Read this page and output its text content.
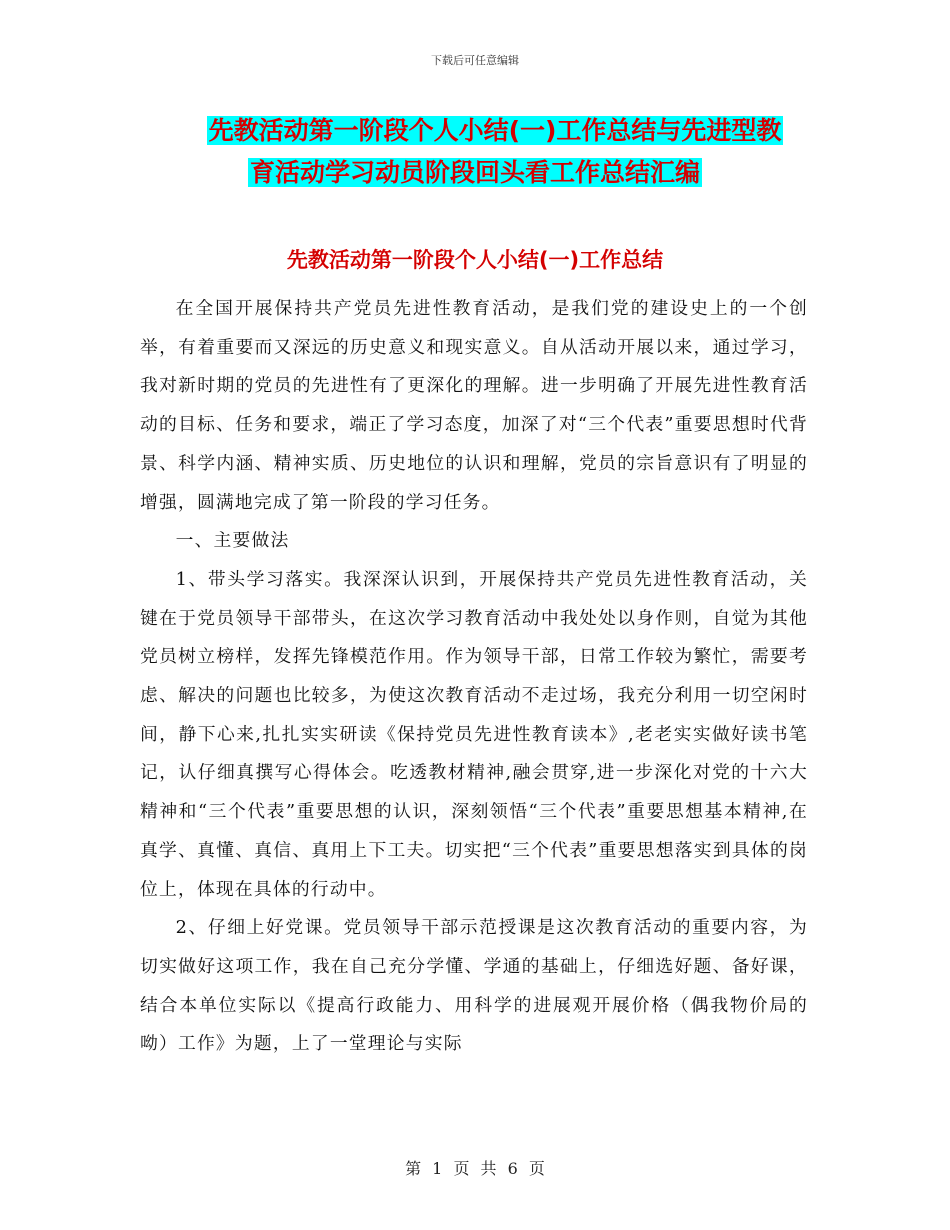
下载后可任意编辑
先教活动第一阶段个人小结(一)工作总结与先进型教
育活动学习动员阶段回头看工作总结汇编
先教活动第一阶段个人小结(一)工作总结

在全国开展保持共产党员先进性教育活动，是我们党的建设史上的一个创举，有着重要而又深远的历史意义和现实意义。自从活动开展以来，通过学习，我对新时期的党员的先进性有了更深化的理解。进一步明确了开展先进性教育活动的目标、任务和要求，端正了学习态度，加深了对“三个代表”重要思想时代背景、科学内涵、精神实质、历史地位的认识和理解，党员的宗旨意识有了明显的增强，圆满地完成了第一阶段的学习任务。

一、主要做法

1、带头学习落实。我深深认识到，开展保持共产党员先进性教育活动，关键在于党员领导干部带头，在这次学习教育活动中我处处以身作则，自觉为其他党员树立榜样，发挥先锋模范作用。作为领导干部，日常工作较为繁忙，需要考虑、解决的问题也比较多，为使这次教育活动不走过场，我充分利用一切空闲时间，静下心来,扎扎实实研读《保持党员先进性教育读本》,老老实实做好读书笔记，认仔细真撰写心得体会。吃透教材精神,融会贯穿,进一步深化对党的十六大精神和“三个代表”重要思想的认识，深刻领悟“三个代表”重要思想基本精神,在真学、真懂、真信、真用上下工夫。切实把“三个代表”重要思想落实到具体的岗位上，体现在具体的行动中。

2、仔细上好党课。党员领导干部示范授课是这次教育活动的重要内容，为切实做好这项工作，我在自己充分学懂、学通的基础上，仔细选好题、备好课，结合本单位实际以《提高行政能力、用科学的进展观开展价格（偶我物价局的呦）工作》为题，上了一堂理论与实际

第 1 页 共 6 页
